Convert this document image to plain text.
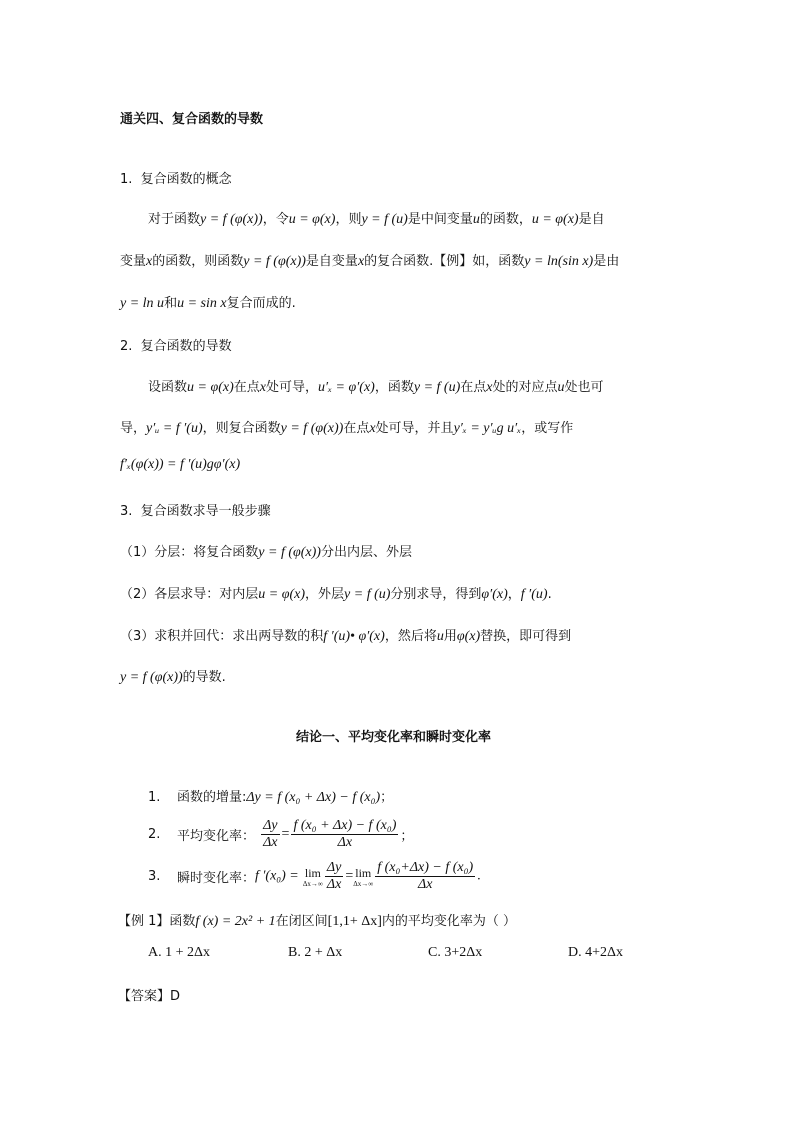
通关四、复合函数的导数
1. 复合函数的概念
对于函数y = f (φ(x))，令u = φ(x)，则y = f (u)是中间变量u的函数，u = φ(x)是自
变量x的函数，则函数y = f (φ(x))是自变量x的复合函数.【例】如，函数y = ln(sin x)是由
y = ln u和u = sin x复合而成的.
2. 复合函数的导数
设函数u = φ(x)在点x处可导，u′ₓ = φ′(x)，函数y = f (u)在点x处的对应点u处也可
导，y′ᵤ = f ′(u)，则复合函数y = f (φ(x))在点x处可导，并且y′ₓ = y′ᵤg u′ₓ，或写作
f′ₓ(φ(x)) = f ′(u)gφ′(x)
3. 复合函数求导一般步骤
（1）分层：将复合函数y = f (φ(x))分出内层、外层
（2）各层求导：对内层u = φ(x)，外层y = f (u)分别求导，得到φ′(x)，f ′(u).
（3）求积并回代：求出两导数的积f ′(u)• φ′(x)，然后将u用φ(x)替换，即可得到
y = f (φ(x))的导数.
结论一、平均变化率和瞬时变化率
1. 函数的增量:Δy = f (x₀ + Δx) − f (x₀)；
2. 平均变化率： $\frac{\Delta y}{\Delta x} = \frac{\text{f (x₀ + Δx) − f (x₀)}}{\Delta x}$ ；
3. 瞬时变化率：f ′(x₀) = lim
$\Delta x\to\infty \frac{\Delta y}{\Delta x} = \lim$
$\Delta x\to\infty \frac{\text{f (x₀+Δx) − f (x₀)}}{\Delta x}$ .
【例 1】函数f (x) = 2x² + 1在闭区间[1,1+ Δx]内的平均变化率为（ ）
A. 1 + 2Δx	B. 2 + Δx	C. 3+2Δx	D. 4+2Δx
【答案】D
